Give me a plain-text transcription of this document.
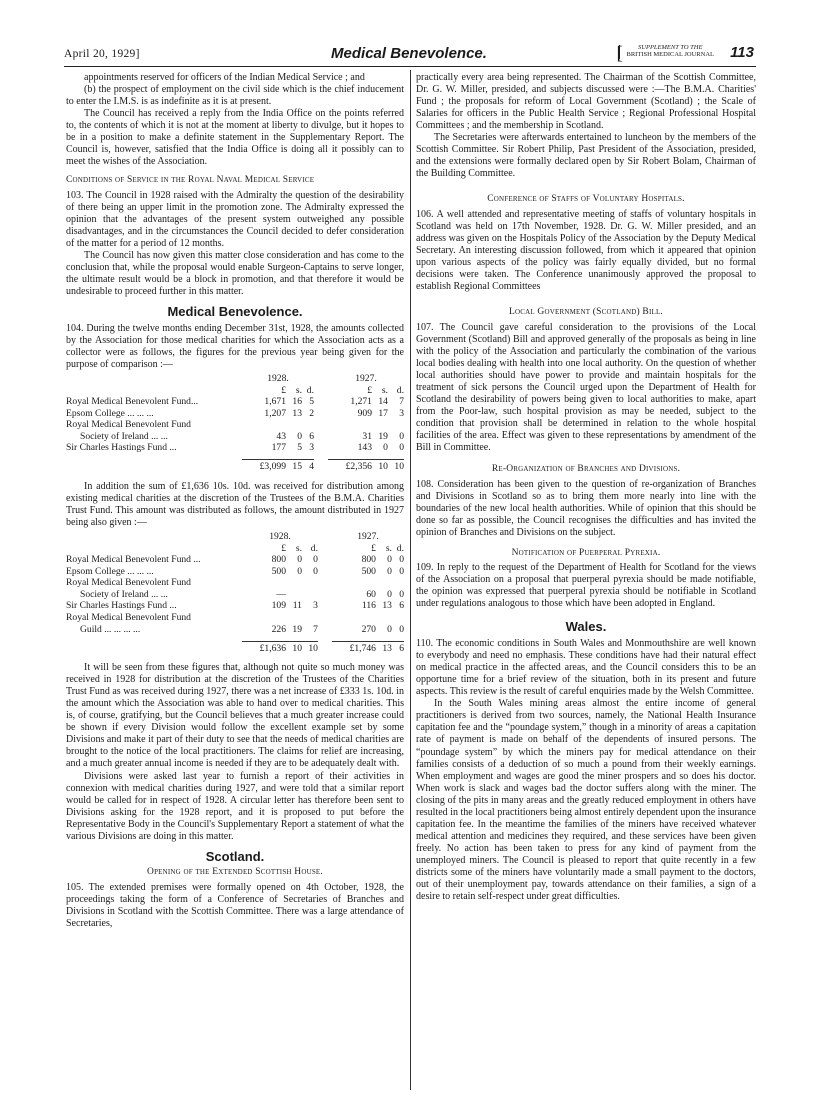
April 20, 1929]	Medical Benevolence.	[ SUPPLEMENT TO THE
BRITISH MEDICAL JOURNAL 113

appointments reserved for officers of the Indian Medical Service ; and

(b) the prospect of employment on the civil side which is the chief inducement to enter the I.M.S. is as indefinite as it is at present.

The Council has received a reply from the India Office on the points referred to, the contents of which it is not at the moment at liberty to divulge, but it hopes to be in a position to make a definite statement in the Supplementary Report. The Council is, however, satisfied that the India Office is doing all it possibly can to meet the wishes of the Association.

Conditions of Service in the Royal Naval Medical Service

103. The Council in 1928 raised with the Admiralty the question of the desirability of there being an upper limit in the promotion zone. The Admiralty expressed the opinion that the advantages of the present system outweighed any possible disadvantages, and in the circumstances the Council decided to defer consideration of the matter for a period of 12 months.

The Council has now given this matter close consideration and has come to the conclusion that, while the proposal would enable Surgeon-Captains to serve longer, the ultimate result would be a block in promotion, and that therefore it would be undesirable to proceed further in this matter.

Medical Benevolence.

104. During the twelve months ending December 31st, 1928, the amounts collected by the Association for those medical charities for which the Association acts as a collector were as follows, the figures for the previous year being given for the purpose of comparison :—

	1928.				1927.		
	£	s.	d.		£	s.	d.
Royal Medical Benevolent Fund...	1,671	16	5		1,271	14	7
Epsom College ... ... ...	1,207	13	2		909	17	3
Royal Medical Benevolent Fund							
Society of Ireland ... ...	43	0	6		31	19	0
Sir Charles Hastings Fund ...	177	5	3		143	0	0

	£3,099	15	4		£2,356	10	10

In addition the sum of £1,636 10s. 10d. was received for distribution among existing medical charities at the discretion of the Trustees of the B.M.A. Charities Trust Fund. This amount was distributed as follows, the amount distributed in 1927 being also given :—

	1928.				1927.		
	£	s.	d.		£	s.	d.
Royal Medical Benevolent Fund ...	800	0	0		800	0	0
Epsom College ... ... ...	500	0	0		500	0	0
Royal Medical Benevolent Fund							
Society of Ireland ... ...	—				60	0	0
Sir Charles Hastings Fund ...	109	11	3		116	13	6
Royal Medical Benevolent Fund							
Guild ... ... ... ...	226	19	7		270	0	0

	£1,636	10	10		£1,746	13	6

It will be seen from these figures that, although not quite so much money was received in 1928 for distribution at the discretion of the Trustees of the Charities Trust Fund as was received during 1927, there was a net increase of £333 1s. 10d. in the amount which the Association was able to hand over to medical charities. This is, of course, gratifying, but the Council believes that a much greater increase could be shown if every Division would follow the excellent example set by some Divisions and make it part of their duty to see that the needs of medical charities are brought to the notice of the local practitioners. The claims for relief are increasing, and a much greater annual income is needed if they are to be adequately dealt with.

Divisions were asked last year to furnish a report of their activities in connexion with medical charities during 1927, and were told that a similar report would be called for in respect of 1928. A circular letter has therefore been sent to Divisions asking for the 1928 report, and it is proposed to put before the Representative Body in the Council's Supplementary Report a statement of what the various Divisions are doing in this matter.

Scotland.
Opening of the Extended Scottish House.

105. The extended premises were formally opened on 4th October, 1928, the proceedings taking the form of a Conference of Secretaries of Branches and Divisions in Scotland with the Scottish Committee. There was a large attendance of Secretaries,

practically every area being represented. The Chairman of the Scottish Committee, Dr. G. W. Miller, presided, and subjects discussed were :—The B.M.A. Charities' Fund ; the proposals for reform of Local Government (Scotland) ; the Scale of Salaries for officers in the Public Health Service ; Regional Professional Hospital Committees ; and the membership in Scotland.

The Secretaries were afterwards entertained to luncheon by the members of the Scottish Committee. Sir Robert Philip, Past President of the Association, presided, and the extensions were formally declared open by Sir Robert Bolam, Chairman of the Building Committee.

Conference of Staffs of Voluntary Hospitals.

106. A well attended and representative meeting of staffs of voluntary hospitals in Scotland was held on 17th November, 1928. Dr. G. W. Miller presided, and an address was given on the Hospitals Policy of the Association by the Deputy Medical Secretary. An interesting discussion followed, from which it appeared that opinion upon various aspects of the policy was fairly equally divided, but no formal decisions were taken. The Conference unanimously approved the proposal to establish Regional Committees

Local Government (Scotland) Bill.

107. The Council gave careful consideration to the provisions of the Local Government (Scotland) Bill and approved generally of the proposals as being in line with the policy of the Association and particularly the combination of the various local bodies dealing with health into one local authority. On the question of whether local authorities should have power to provide and maintain hospitals for the treatment of sick persons the Council urged upon the Department of Health for Scotland the desirability of powers being given to local authorities to make, apart from the Poor-law, such hospital provision as may be needed, subject to the condition that provision shall be determined in relation to the whole hospital facilities of the area. Effect was given to these representations by amendment of the Bill in Committee.

Re-Organization of Branches and Divisions.

108. Consideration has been given to the question of re-organization of Branches and Divisions in Scotland so as to bring them more nearly into line with the boundaries of the new local health authorities. While of opinion that this should be done so far as possible, the Council recognises the difficulties and has invited the opinion of Branches and Divisions on the subject.

Notification of Puerperal Pyrexia.

109. In reply to the request of the Department of Health for Scotland for the views of the Association on a proposal that puerperal pyrexia should be made notifiable, the opinion was expressed that puerperal pyrexia should be notifiable in Scotland under regulations analogous to those which have been adopted in England.

Wales.

110. The economic conditions in South Wales and Monmouthshire are well known to everybody and need no emphasis. These conditions have had their natural effect on medical practice in the affected areas, and the Council considers this to be an opportune time for a brief review of the situation, both in its present and future aspects. This review is the result of careful enquiries made by the Welsh Committee.

In the South Wales mining areas almost the entire income of general practitioners is derived from two sources, namely, the National Health Insurance capitation fee and the “poundage system,” though in a minority of areas a capitation rate of payment is made on behalf of the dependents of insured persons. The “poundage system” by which the miners pay for medical attendance on their families consists of a deduction of so much a pound from their weekly earnings. When employment and wages are good the miner prospers and so does his doctor. When work is slack and wages bad the doctor suffers along with the miner. The closing of the pits in many areas and the greatly reduced employment in others have resulted in the local practitioners being almost entirely dependent upon the insurance capitation fee. In the meantime the families of the miners have received whatever medical attention and medicines they required, and these services have been given freely. No action has been taken to press for any kind of payment from the unemployed miners. The Council is pleased to report that quite recently in a few districts some of the miners have voluntarily made a small payment to the doctors, out of their unemployment pay, towards attendance on their families, a sign of a desire to retain self-respect under great difficulties.
